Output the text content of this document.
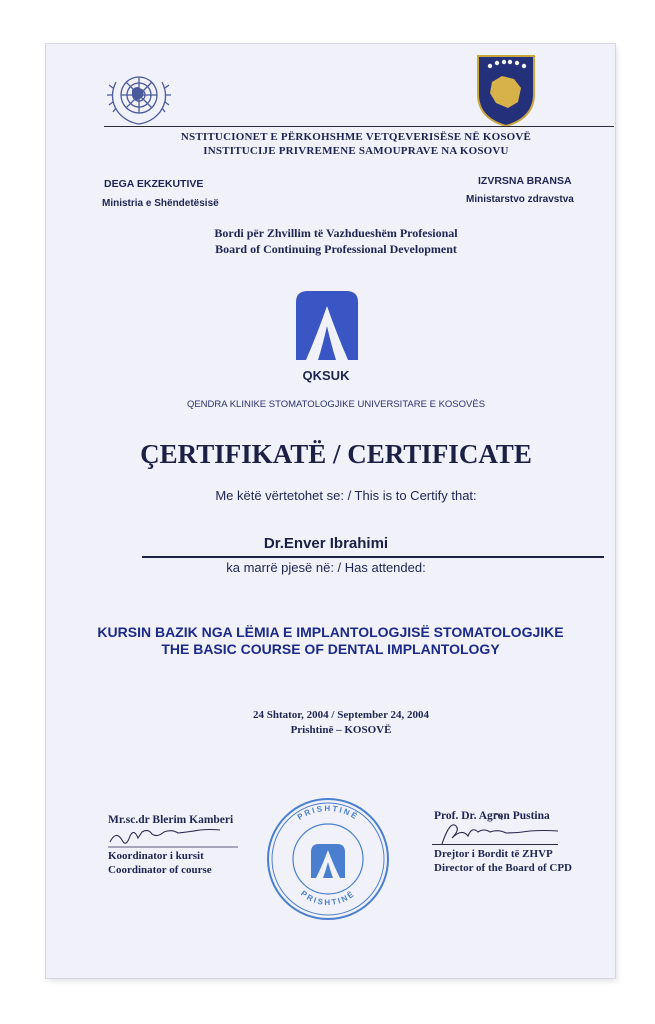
NSTITUCIONET E PËRKOHSHME VETQEVERISËSE NË KOSOVË
INSTITUCIJE PRIVREMENE SAMOUPRAVE NA KOSOVU
DEGA EKZEKUTIVE
Ministria e Shëndetësisë
IZVRSNA BRANSA
Ministarstvo zdravstva
Bordi për Zhvillim të Vazhdueshëm Profesional
Board of Continuing Professional Development
QKSUK
QENDRA KLINIKE STOMATOLOGJIKE UNIVERSITARE E KOSOVËS
ÇERTIFIKATË / CERTIFICATE
Me këtë vërtetohet se: / This is to Certify that:
Dr.Enver Ibrahimi
ka marrë pjesë në: / Has attended:
KURSIN BAZIK NGA LËMIA E IMPLANTOLOGJISË STOMATOLOGJIKE
THE BASIC COURSE OF DENTAL IMPLANTOLOGY
24 Shtator, 2004 / September 24, 2004
Prishtinë – KOSOVË
Mr.sc.dr Blerim Kamberi
Koordinator i kursit
Coordinator of course
PRISHTINË
PRISHTINË
Prof. Dr. Agron Pustina
Drejtor i Bordit të ZHVP
Director of the Board of CPD
